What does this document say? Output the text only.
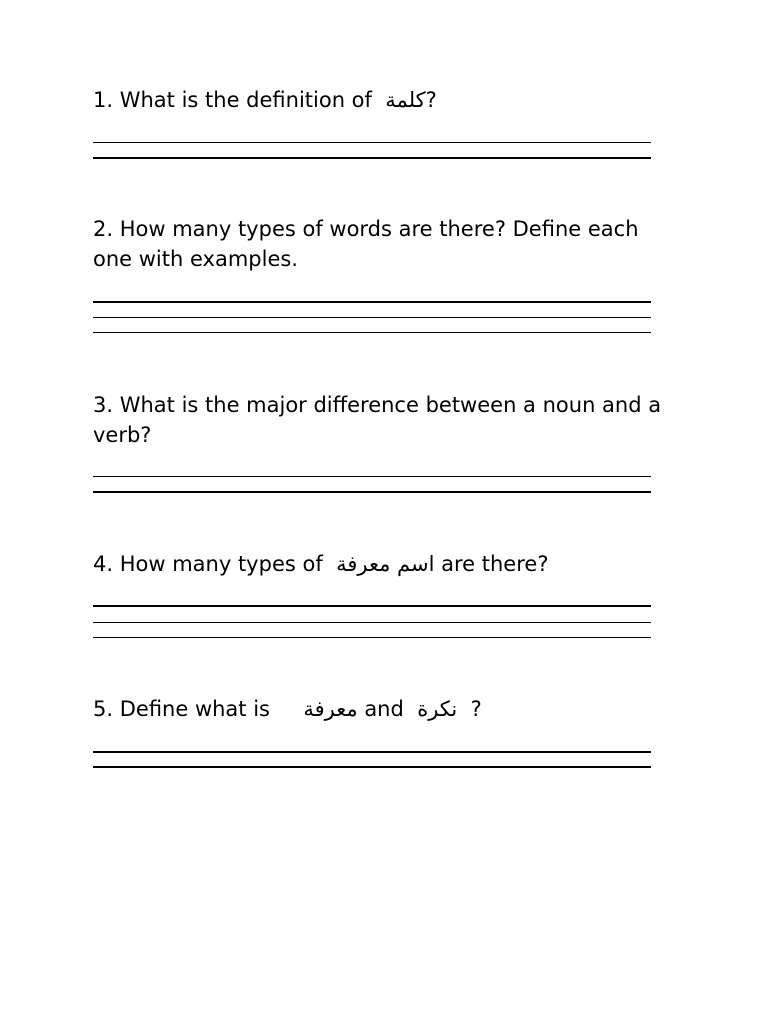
1. What is the definition of  كلمة?

2. How many types of words are there? Define each one with examples.

3. What is the major difference between a noun and a verb?

4. How many types of  اسم معرفة are there?

5. Define what is     معرفة and  نكرة  ?
